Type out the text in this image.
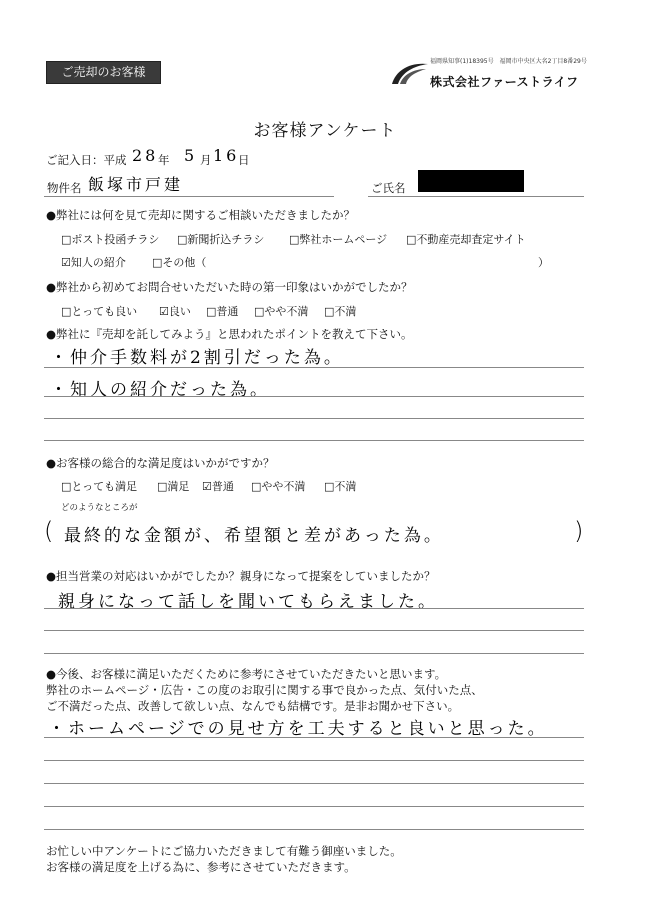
ご売却のお客様
福岡県知事(1)18395号　福岡市中央区大名2丁目8番29号
株式会社ファーストライフ
お客様アンケート
ご記入日：平成 28 年 5 月 16
日
物件名 飯塚市戸建	ご氏名
●弊社には何を見て売却に関するご相談いただきましたか？
□ポスト投函チラシ □新聞折込チラシ □弊社ホームページ □不動産売却査定サイト
☑知人の紹介 □その他（	）
●弊社から初めてお問合せいただいた時の第一印象はいかがでしたか？
□とっても良い ☑良い □普通 □やや不満 □不満
●弊社に『売却を託してみよう』と思われたポイントを教えて下さい。
・仲介手数料が2割引だった為。
・知人の紹介だった為。
●お客様の総合的な満足度はいかがですか？
□とっても満足 □満足 ☑普通 □やや不満 □不満
どのようなところが
( 最終的な金額が、希望額と差があった為。	)
●担当営業の対応はいかがでしたか？親身になって提案をしていましたか？
親身になって話しを聞いてもらえました。
●今後、お客様に満足いただくために参考にさせていただきたいと思います。
弊社のホームページ・広告・この度のお取引に関する事で良かった点、気付いた点、
ご不満だった点、改善して欲しい点、なんでも結構です。是非お聞かせ下さい。
・ホームページでの見せ方を工夫すると良いと思った。
お忙しい中アンケートにご協力いただきまして有難う御座いました。
お客様の満足度を上げる為に、参考にさせていただきます。
